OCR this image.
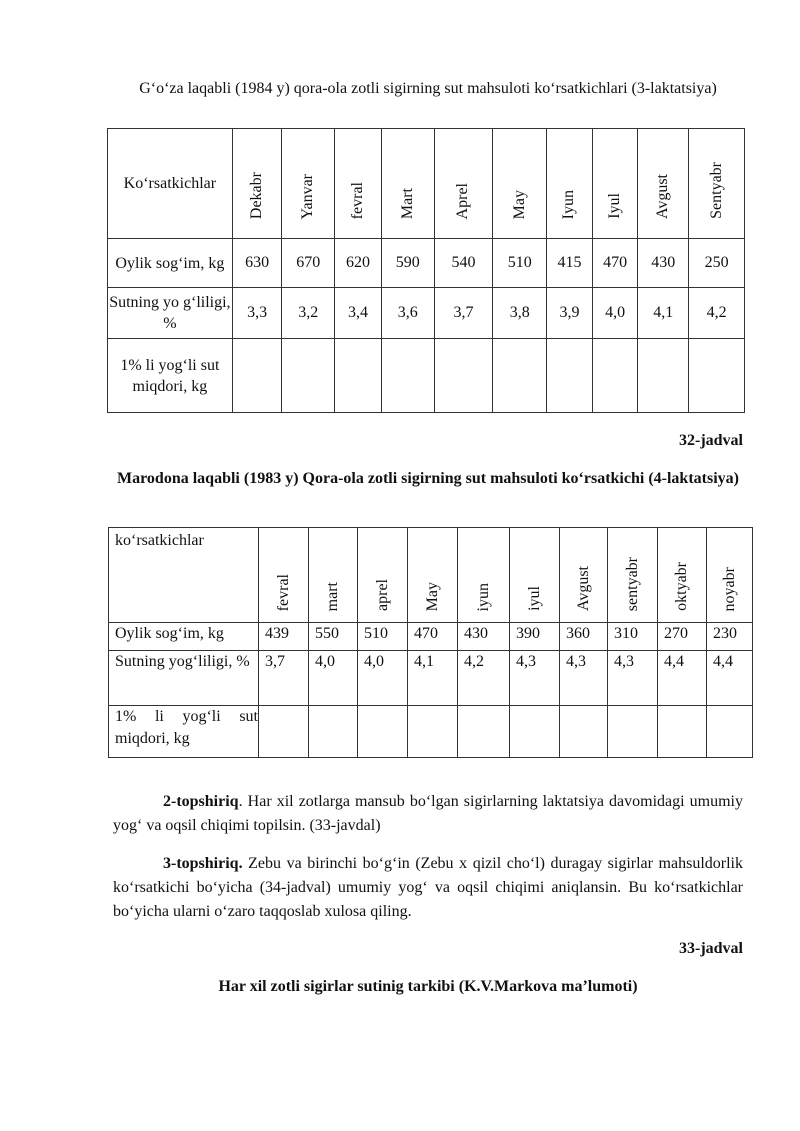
G‘o‘za laqabli (1984 y) qora-ola zotli sigirning sut mahsuloti ko‘rsatkichlari (3-laktatsiya)
Ko‘rsatkichlar	Dekabr	Yanvar	fevral	Mart	Aprel	May	Iyun	Iyul	Avgust	Sentyabr
Oylik sog‘im, kg	630	670	620	590	540	510	415	470	430	250
Sutning yo g‘liligi, %	3,3	3,2	3,4	3,6	3,7	3,8	3,9	4,0	4,1	4,2
1% li yog‘li sut miqdori, kg										
32-jadval
Marodona laqabli (1983 y) Qora-ola zotli sigirning sut mahsuloti ko‘rsatkichi (4-laktatsiya)
ko‘rsatkichlar	fevral	mart	aprel	May	iyun	iyul	Avgust	sentyabr	oktyabr	noyabr
Oylik sog‘im, kg	439	550	510	470	430	390	360	310	270	230
Sutning yog‘liligi, %	3,7	4,0	4,0	4,1	4,2	4,3	4,3	4,3	4,4	4,4
1% li yog‘li sut miqdori, kg										
2-topshiriq. Har xil zotlarga mansub bo‘lgan sigirlarning laktatsiya davomidagi umumiy yog‘ va oqsil chiqimi topilsin. (33-javdal)
3-topshiriq. Zebu va birinchi bo‘g‘in (Zebu x qizil cho‘l) duragay sigirlar mahsuldorlik ko‘rsatkichi bo‘yicha (34-jadval) umumiy yog‘ va oqsil chiqimi aniqlansin. Bu ko‘rsatkichlar bo‘yicha ularni o‘zaro taqqoslab xulosa qiling.
33-jadval
Har xil zotli sigirlar sutinig tarkibi (K.V.Markova ma’lumoti)
